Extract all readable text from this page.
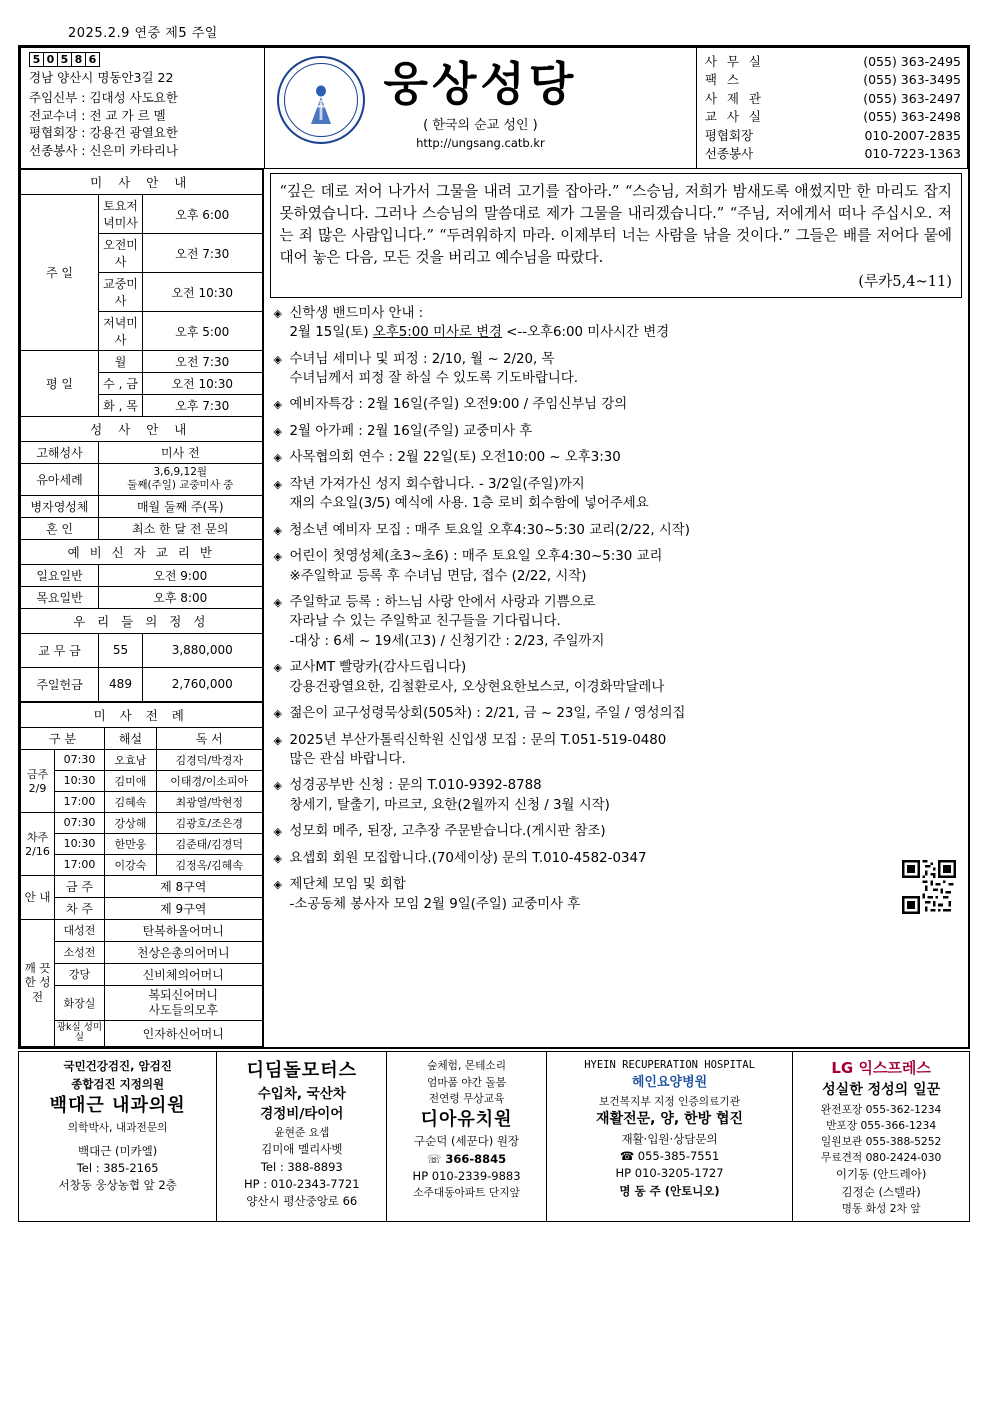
2025.2.9 연중 제5 주일
5 0 5 8 6
경남 양산시 명동안3길 22
주임신부 : 김대성 사도요한
전교수녀 : 전 교 가 르 멜
평협회장 : 강용건 광열요한
선종봉사 : 신은미 카타리나

웅상성당
( 한국의 순교 성인 )
http://ungsang.catb.kr

사 무 실	(055) 363-2495
팩 스	(055) 363-3495
사 제 관	(055) 363-2497
교 사 실	(055) 363-2498
평협회장	010-2007-2835
선종봉사	010-7223-1363
미 사 안 내
주 일	토요저녁미사	오후 6:00
오전미사	오전 7:30
교중미사	오전 10:30
저녁미사	오후 5:00
평 일	월	오전 7:30
수 , 금	오전 10:30
화 , 목	오후 7:30
성 사 안 내
고해성사	미사 전
유아세례	3,6,9,12월
둘째(주일) 교중미사 중
병자영성체	매월 둘째 주(목)
혼 인	최소 한 달 전 문의
예 비 신 자 교 리 반
일요일반	오전 9:00
목요일반	오후 8:00
우 리 들 의 정 성
교 무 금	55	3,880,000
주일헌금	489	2,760,000
미 사 전 례
구 분	해설	독 서
금주
2/9	07:30	오효남	김경덕/박경자
10:30	김미애	이태경/이소피아
17:00	김혜속	최광열/박현정
차주
2/16	07:30	강상해	김광호/조은경
10:30	한만웅	김준태/김경덕
17:00	이강숙	김정옥/김혜속
안 내	금 주	제 8구역
차 주	제 9구역
깨 끗 한 성 전	대성전	탄복하올어머니
소성전	천상은총의어머니
강당	신비체의어머니
화장실	복되신어머니
사도들의모후
광k실 성미실	인자하신어머니

“깊은 데로 저어 나가서 그물을 내려 고기를 잡아라.” “스승님, 저희가 밤새도록 애썼지만 한 마리도 잡지 못하였습니다. 그러나 스승님의 말씀대로 제가 그물을 내리겠습니다.” “주님, 저에게서 떠나 주십시오. 저는 죄 많은 사람입니다.” “두려워하지 마라. 이제부터 너는 사람을 낚을 것이다.” 그들은 배를 저어다 뭍에 대어 놓은 다음, 모든 것을 버리고 예수님을 따랐다.
(루카5,4~11)
◈ 신학생 밴드미사 안내 :
2월 15일(토) 오후5:00 미사로 변경 <--오후6:00 미사시간 변경
◈ 수녀님 세미나 및 피정 : 2/10, 월 ~ 2/20, 목
수녀님께서 피정 잘 하실 수 있도록 기도바랍니다.
◈ 예비자특강 : 2월 16일(주일) 오전9:00 / 주임신부님 강의
◈ 2월 아가페 : 2월 16일(주일) 교중미사 후
◈ 사목협의회 연수 : 2월 22일(토) 오전10:00 ~ 오후3:30
◈ 작년 가져가신 성지 회수합니다. - 3/2일(주일)까지
재의 수요일(3/5) 예식에 사용. 1층 로비 회수함에 넣어주세요
◈ 청소년 예비자 모집 : 매주 토요일 오후4:30~5:30 교리(2/22, 시작)
◈ 어린이 첫영성체(초3~초6) : 매주 토요일 오후4:30~5:30 교리
※주일학교 등록 후 수녀님 면담, 접수 (2/22, 시작)
◈ 주일학교 등록 : 하느님 사랑 안에서 사랑과 기쁨으로
자라날 수 있는 주일학교 친구들을 기다립니다.
-대상 : 6세 ~ 19세(고3) / 신청기간 : 2/23, 주일까지
◈ 교사MT 빨랑카(감사드립니다)
강용건광열요한, 김철환로사, 오상현요한보스코, 이경화막달레나
◈ 젊은이 교구성령묵상회(505차) : 2/21, 금 ~ 23일, 주일 / 영성의집
◈ 2025년 부산가톨릭신학원 신입생 모집 : 문의 T.051-519-0480
많은 관심 바랍니다.
◈ 성경공부반 신청 : 문의 T.010-9392-8788
창세기, 탈출기, 마르코, 요한(2월까지 신청 / 3월 시작)
◈ 성모회 메주, 된장, 고추장 주문받습니다.(게시판 참조)
◈ 요셉회 회원 모집합니다.(70세이상) 문의 T.010-4582-0347
◈ 제단체 모임 및 회합
-소공동체 봉사자 모임 2월 9일(주일) 교중미사 후
국민건강검진, 암검진
종합검진 지정의원
백대근 내과의원
의학박사, 내과전문의
백대근 (미카엘)
Tel : 385-2165
서창동 웅상농협 앞 2층

디딤돌모터스
수입차, 국산차
경정비/타이어
윤현준 요셉
김미애 멜리사벳
Tel : 388-8893
HP : 010-2343-7721
양산시 평산중앙로 66

숲체험, 몬테소리
엄마품 야간 돌봄
전연령 무상교육
디아유치원
구순덕 (세꾼다) 원장
☏ 366-8845
HP 010-2339-9883
소주대동아파트 단지앞

HYEIN RECUPERATION HOSPITAL
헤인요양병원
보건복지부 지정 인증의료기관
재활전문, 양, 한방 협진
재활·입원·상담문의
☎ 055-385-7551
HP 010-3205-1727
명 동 주 (안토니오)

LG 익스프레스
성실한 정성의 일꾼
완전포장 055-362-1234
반포장 055-366-1234
일원보관 055-388-5252
무료견적 080-2424-030
이기동 (안드레아)
김정순 (스텔라)
명동 화성 2차 앞
